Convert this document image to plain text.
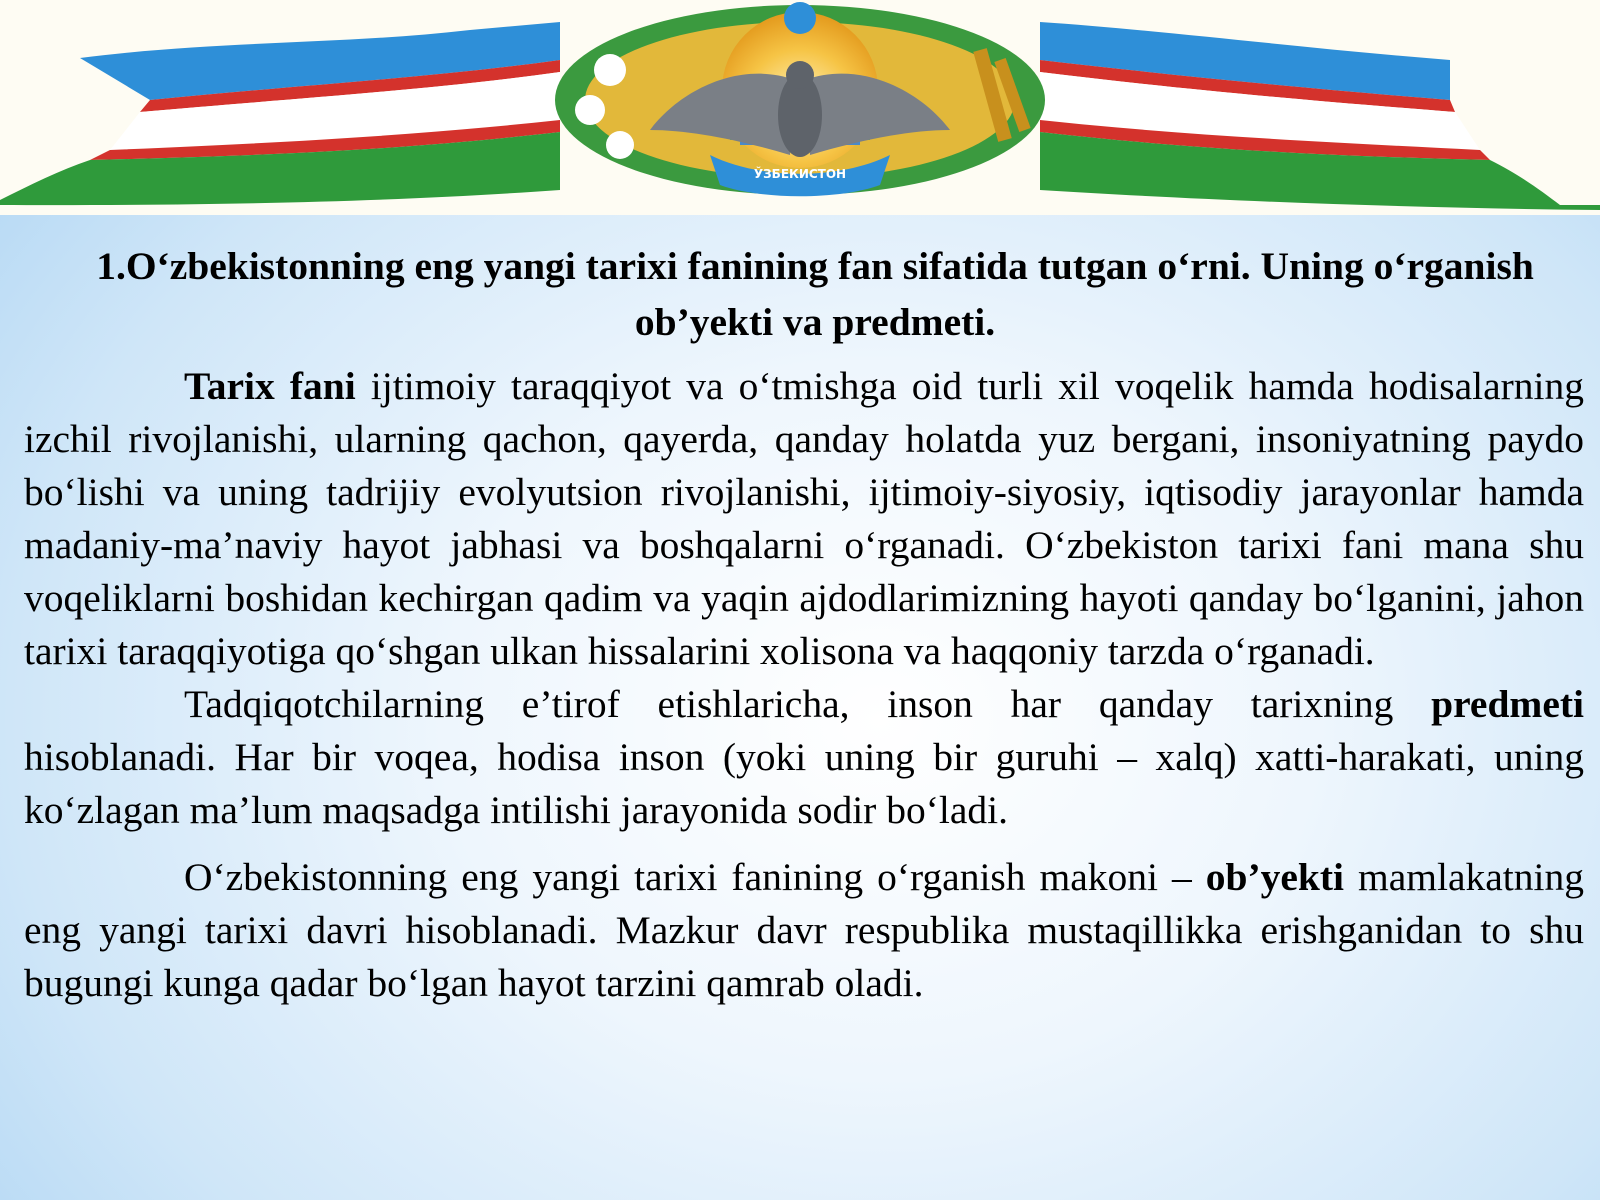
ЎЗБЕКИСТОН
1.O‘zbekistonning eng yangi tarixi fanining fan sifatida tutgan o‘rni. Uning o‘rganish ob’yekti va predmeti.

Tarix fani ijtimoiy taraqqiyot va o‘tmishga oid turli xil voqelik hamda hodisalarning izchil rivojlanishi, ularning qachon, qayerda, qanday holatda yuz bergani, insoniyatning paydo bo‘lishi va uning tadrijiy evolyutsion rivojlanishi, ijtimoiy-siyosiy, iqtisodiy jarayonlar hamda madaniy-ma’naviy hayot jabhasi va boshqalarni o‘rganadi. O‘zbekiston tarixi fani mana shu voqeliklarni boshidan kechirgan qadim va yaqin ajdodlarimizning hayoti qanday bo‘lganini, jahon tarixi taraqqiyotiga qo‘shgan ulkan hissalarini xolisona va haqqoniy tarzda o‘rganadi.

Tadqiqotchilarning e’tirof etishlaricha, inson har qanday tarixning predmeti hisoblanadi. Har bir voqea, hodisa inson (yoki uning bir guruhi – xalq) xatti-harakati, uning ko‘zlagan ma’lum maqsadga intilishi jarayonida sodir bo‘ladi.

O‘zbekistonning eng yangi tarixi fanining o‘rganish makoni – ob’yekti mamlakatning eng yangi tarixi davri hisoblanadi. Mazkur davr respublika mustaqillikka erishganidan to shu bugungi kunga qadar bo‘lgan hayot tarzini qamrab oladi.
